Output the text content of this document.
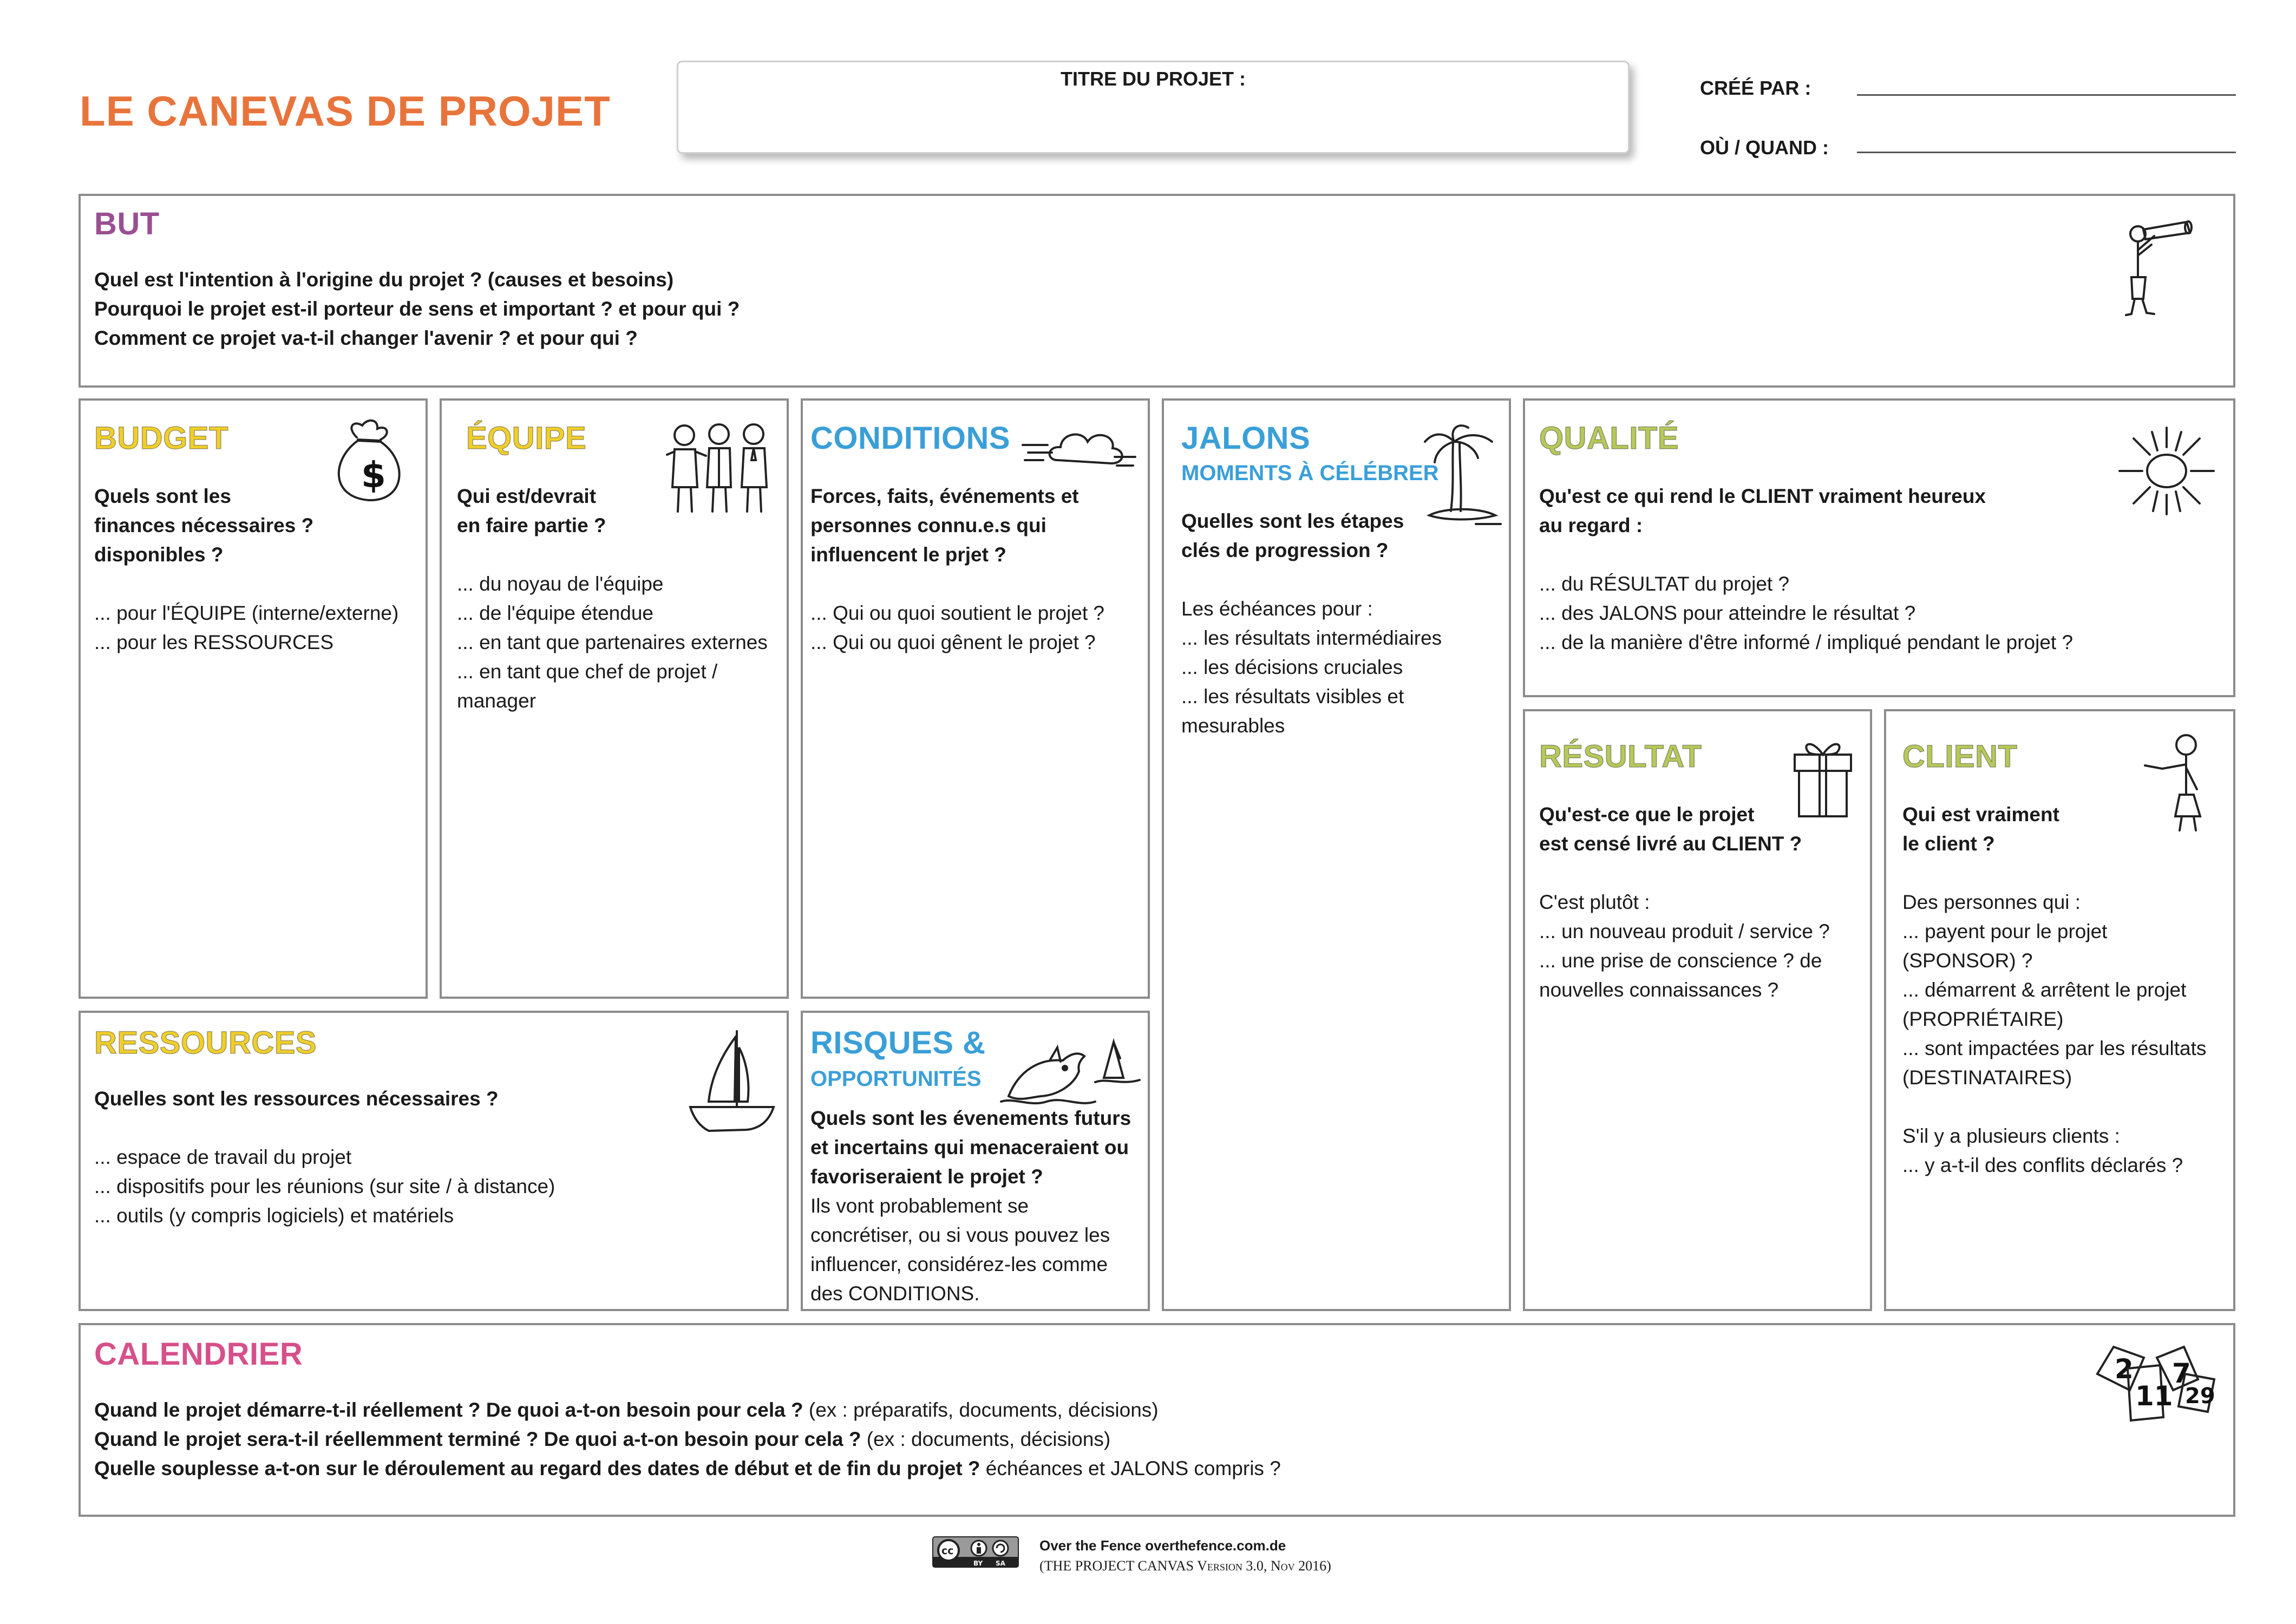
LE CANEVAS DE PROJET
TITRE DU PROJET :	CRÉÉ PAR :
OÙ / QUAND :
BUT
Quel est l'intention à l'origine du projet ? (causes et besoins)
Pourquoi le projet est-il porteur de sens et important ? et pour qui ?
Comment ce projet va-t-il changer l'avenir ? et pour qui ?
BUDGET
Quels sont les
finances nécessaires ?
disponibles ?
... pour l'ÉQUIPE (interne/externe)
... pour les RESSOURCES
$
ÉQUIPE
Qui est/devrait
en faire partie ?
... du noyau de l'équipe
... de l'équipe étendue
... en tant que partenaires externes
... en tant que chef de projet /
manager
CONDITIONS
Forces, faits, événements et
personnes connu.e.s qui
influencent le prjet ?
... Qui ou quoi soutient le projet ?
... Qui ou quoi gênent le projet ?
JALONS
MOMENTS À CÉLÉBRER
Quelles sont les étapes
clés de progression ?
Les échéances pour :
... les résultats intermédiaires
... les décisions cruciales
... les résultats visibles et
mesurables
QUALITÉ
Qu'est ce qui rend le CLIENT vraiment heureux
au regard :
... du RÉSULTAT du projet ?
... des JALONS pour atteindre le résultat ?
... de la manière d'être informé / impliqué pendant le projet ?
RÉSULTAT
Qu'est-ce que le projet
est censé livré au CLIENT ?
C'est plutôt :
... un nouveau produit / service ?
... une prise de conscience ? de
nouvelles connaissances ?
CLIENT
Qui est vraiment
le client ?
Des personnes qui :
... payent pour le projet
(SPONSOR) ?
... démarrent & arrêtent le projet
(PROPRIÉTAIRE)
... sont impactées par les résultats
(DESTINATAIRES)
S'il y a plusieurs clients :
... y a-t-il des conflits déclarés ?
RESSOURCES
Quelles sont les ressources nécessaires ?
... espace de travail du projet
... dispositifs pour les réunions (sur site / à distance)
... outils (y compris logiciels) et matériels
RISQUES &
OPPORTUNITÉS
Quels sont les évenements futurs
et incertains qui menaceraient ou
favoriseraient le projet ?
Ils vont probablement se
concrétiser, ou si vous pouvez les
influencer, considérez-les comme
des CONDITIONS.
CALENDRIER
Quand le projet démarre-t-il réellement ? De quoi a-t-on besoin pour cela ? (ex : préparatifs, documents, décisions)
Quand le projet sera-t-il réellemment terminé ? De quoi a-t-on besoin pour cela ? (ex : documents, décisions)
Quelle souplesse a-t-on sur le déroulement au regard des dates de début et de fin du projet ? échéances et JALONS compris ?
2
11
7
29
cc
BY SA
Over the Fence overthefence.com.de
(THE PROJECT CANVAS Version 3.0, Nov 2016)
